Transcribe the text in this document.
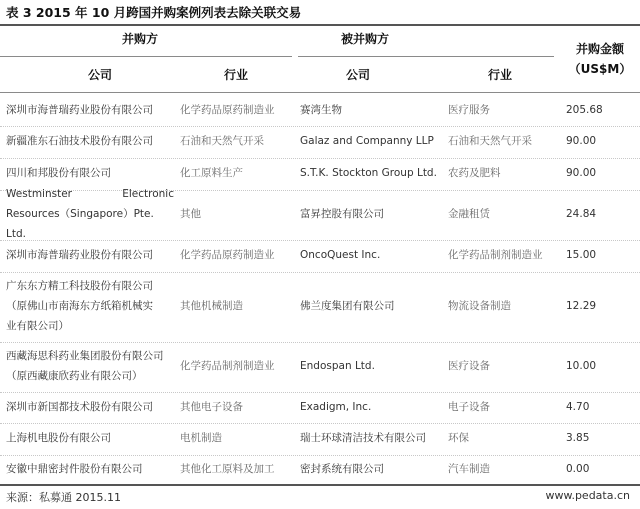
表 3 2015 年 10 月跨国并购案例列表去除关联交易
并购方	被并购方
并购金额
（US$M）
公司	行业	公司	行业
深圳市海普瑞药业股份有限公司	化学药品原药制造业	赛湾生物	医疗服务	205.68
新疆准东石油技术股份有限公司	石油和天然气开采	Galaz and Companny LLP	石油和天然气开采	90.00
四川和邦股份有限公司	化工原料生产	S.T.K. Stockton Group Ltd. 农药及肥料	90.00
Westminster Electronic
Resources（Singapore）Pte. Ltd.
其他	富昇控股有限公司	金融租赁	24.84
深圳市海普瑞药业股份有限公司	化学药品原药制造业	OncoQuest Inc.	化学药品制剂制造业	15.00
广东东方精工科技股份有限公司
（原佛山市南海东方纸箱机械实
业有限公司）
其他机械制造	佛兰度集团有限公司	物流设备制造	12.29
西藏海思科药业集团股份有限公司
（原西藏康欣药业有限公司）
化学药品制剂制造业	Endospan Ltd.	医疗设备	10.00
深圳市新国都技术股份有限公司	其他电子设备	Exadigm, Inc.	电子设备	4.70
上海机电股份有限公司	电机制造	瑞士环球清洁技术有限公司	环保	3.85
安徽中鼎密封件股份有限公司	其他化工原料及加工	密封系统有限公司	汽车制造	0.00
来源：私募通 2015.11	www.pedata.cn
